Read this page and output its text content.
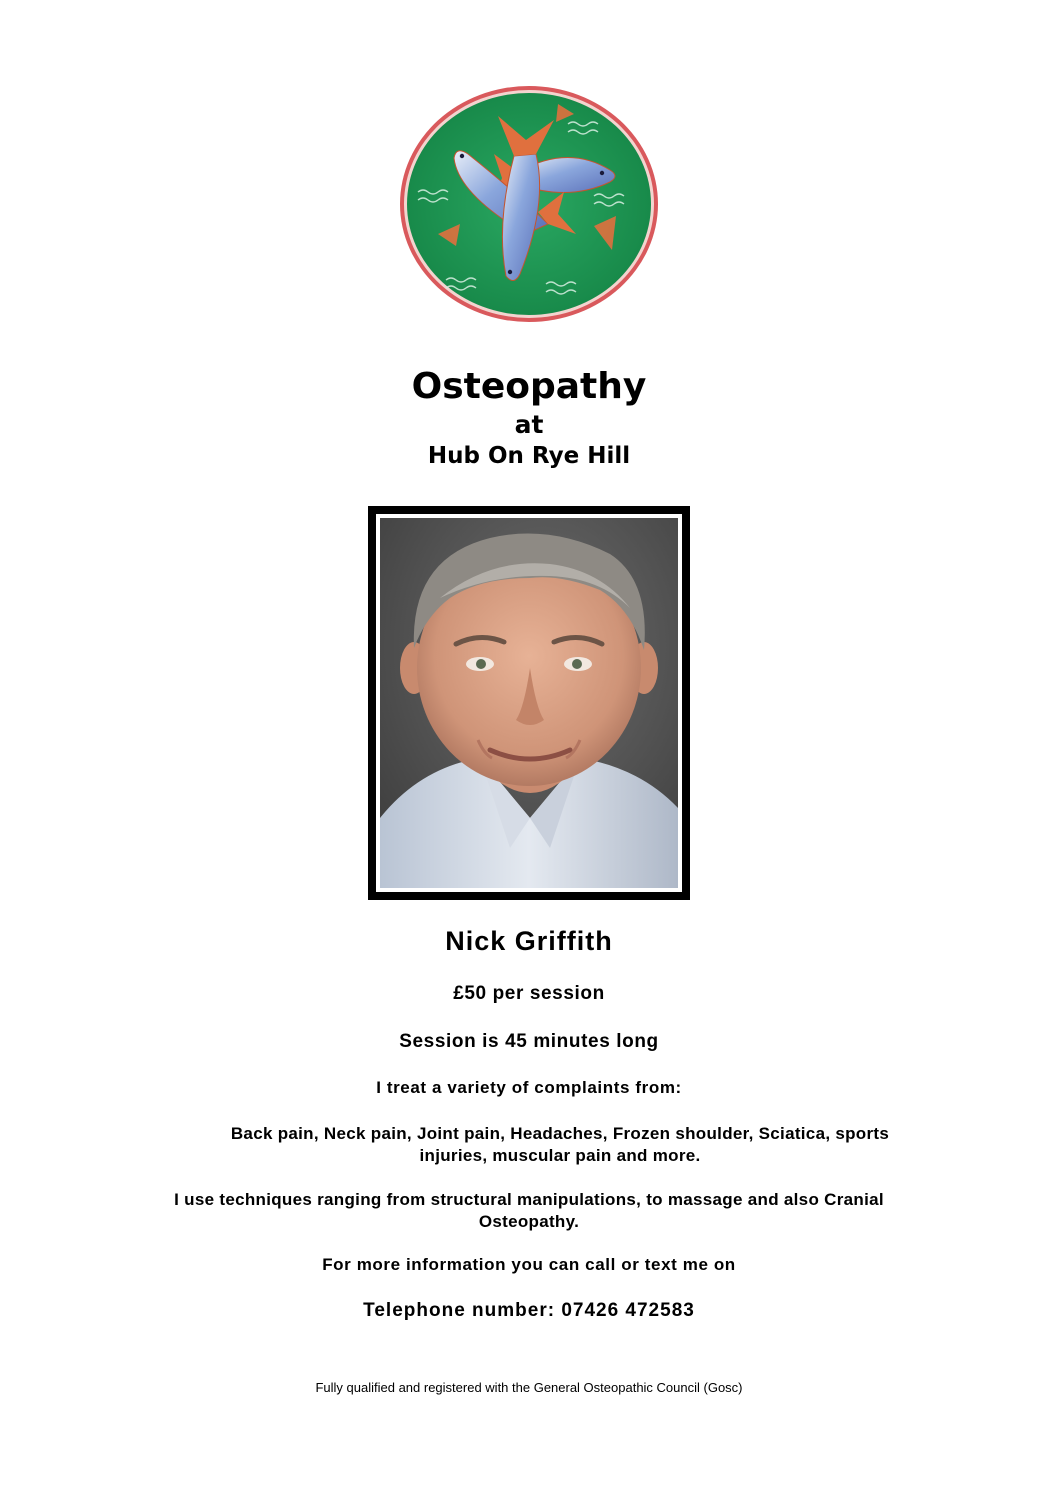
Osteopathy
at
Hub On Rye Hill
Nick Griffith
£50 per session
Session is 45 minutes long
I treat a variety of complaints from:
Back pain, Neck pain, Joint pain, Headaches, Frozen shoulder, Sciatica, sports
injuries, muscular pain and more.
I use techniques ranging from structural manipulations, to massage and also Cranial
Osteopathy.
For more information you can call or text me on
Telephone number: 07426 472583
Fully qualified and registered with the General Osteopathic Council (Gosc)
